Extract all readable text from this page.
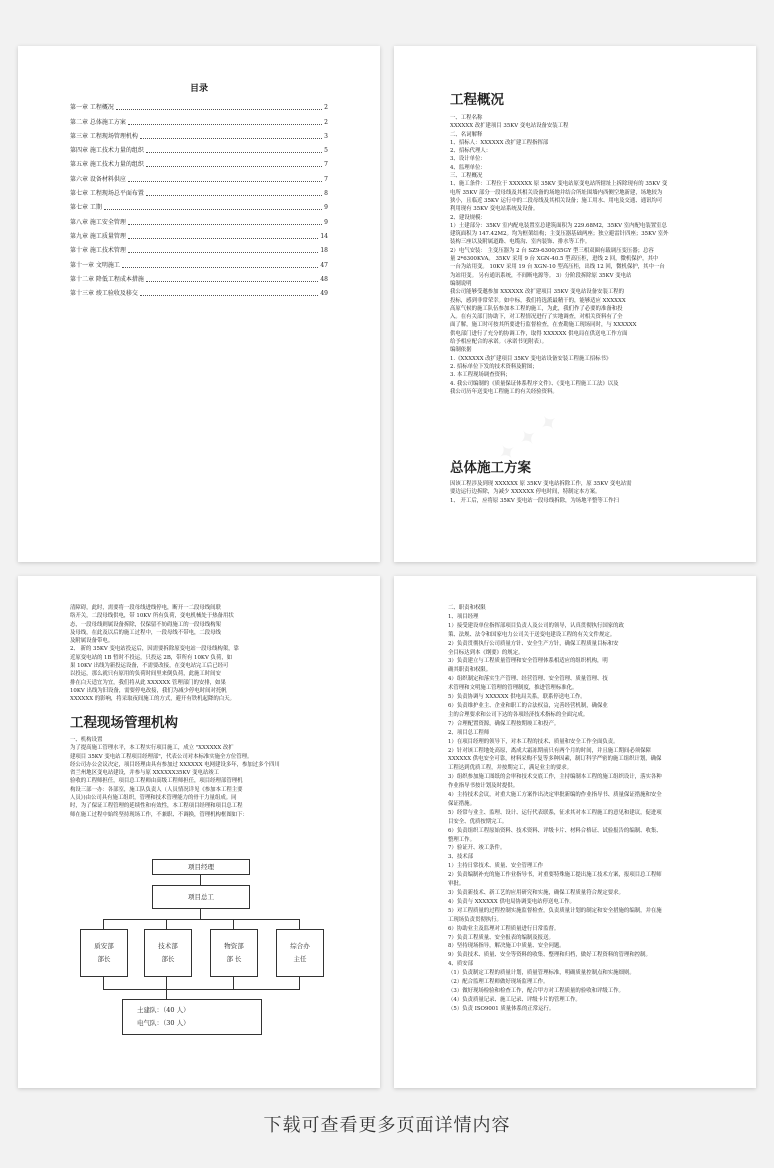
目录
第一章 工程概况	2
第二章 总体施工方案	2
第三章 工程现场管理机构	3
第四章 施工技术力量的组织	5
第五章 施工技术力量的组织	7
第六章 设备材料供应	7
第七章 工程现场总平面布置	8
第七章 工期	9
第八章 施工安全管理	9
第九章 施工质量管理	14
第十章 施工技术管理	18
第十一章 文明施工	47
第十二章 降低工程成本措施	48
第十三章 竣工验收及移交	49
工程概况

一、工程名称

XXXXXX 改扩建项目 35KV 变电站设备安装工程

二、名词解释

1、招标人：XXXXXX 改扩建工程指挥部

2、招标代理人：

3、设计单位：

4、监理单位：

三、工程概况

1、施工条件：工程位于 XXXXXX 原 35KV 变电站原变电站所辖址上拆除现有的 35KV 变

电所 35KV 部分一段母线及其相关设备的场地并结合所址围墙内西侧空地新建，场地较为

狭小，且临近 35KV 运行中的二段母线及其相关设备；施工用水、用电及交通、通讯均可

利用现有 35KV 变电站系统及设备。

2、建设规模：

1）土建部分：35KV 室内配电装置室总建筑面积为 229.68M2，35KV 室内配电装置室总

建筑面积为 147.42M2。均为框架结构；主变压器基础两座；独立避雷针四座；35KV 室外

装构三座以及附属道路、电缆沟、室内装饰、排水等工作。

2）电气安装： 主变压器为 2 台 SZ9-6300/35GY 型三相双圈有载调压变压器；总容

量 2*6300KVA。 35KV 采用 9 台 XGN-40.5 型高压柜，进线 2 回，微机保护，其中

一台为站用变。 10KV 采用 19 台 XGN-10 型高压柜，出线 12 回，微机保护，其中一台

为站用变。 另有通讯系统，不间断电源等。 3）分阶段拆除原 35KV 变电站

编制说明

我公司能够受邀参加 XXXXXX 改扩建项目 35KV 变电站设备安装工程的

投标，感到非常荣幸。如中标，我们将选派最精干的，能够适应 XXXXXX

高原气候的施工队伍参加本工程的施工，为此，我们作了必要的准备和投

入。在有关部门协助下，对工程情况进行了实地调查，对相关资料有了全

面了解，施工时可按其所要进行监督检查，在查勘施工现场同时，与 XXXXXX

供电部门进行了充分的协调工作，取得 XXXXXX 供电局在供送电工作方面

给予相应配合的承诺。（承诺书见附表）。

编制依据

1.《XXXXXX 改扩建项目 35KV 变电站设备安装工程施工招标书》

2. 招标单位下发的技术资料及附图；

3. 本工程现场调查资料；

4. 我公司编制的《质量保证体系程序文件》、《变电工程施工工法》以及

我公司历年送变电工程施工的有关经验资料。

总体施工方案

因该工程涉及到现 XXXXXX 原 35KV 变电站拆除工作，原 35KV 变电站需

要边运行边拆除，为减少 XXXXXX 停电时间，特制定本方案。

1、 开工后，应将原 35KV 变电站一段母线拆除，为场地平整等工作扫

✦ ✦ ✦

清障碍，此时，需要将一段母线进线停电，断开一二段母线间联

络开关，二段母线供电，带 10KV 所有负荷，变电机械处于热备用状

态，一段母线则属设备拆除，仅保留不妨碍施工的一段母线构架

及母线，在此及以后的施工过程中，一段母线不带电，二段母线

及附属设备带电。

2、 新的 35KV 变电站投运后，因需要拆除原变电站一段母线构架，靠

近原变电站的 1B 暂时不投运，只投运 2B，带所有 10KV 负荷，如

果 10KV 出线为新投运设备，不需要改接，在变电站完工后已经可

以投运，那么就只有原用的负荷时间里来倒负荷，此施工时间安

排在白天适宜为宜，我们将从此 XXXXXX 管理部门的安排，如果

10KV 出线为旧设备，需要停电改接，我们为减少停电时间对托帆

XXXXXX 的影响，将采取夜间施工的方式，避开有铁机起降的白天。

工程现场管理机构

一、机构设置

为了提高施工管理水平，本工程实行项目施工，成立 "XXXXXX 改扩

建项目 35KV 变电站工程项目经理部"，代表公司对本标准实施全方位管理。

经公司办公会议决定，项目经理由具有参加过 XXXXXX 电网建设多年，参加过多个四川

省兰州地区变电站建设，并参与原 XXXXXX35KV 变电站竣工

验收的工程师担任，项目总工程师由高级工程师担任，项目经理部管理机

构设三部一办：各部室，施工队负责人（人员情况详见《参加本工程主要

人员》)由公司具有施工组织，管理和技术管理能力的骨干力量组成。同

时，为了保证工程管理的延续性和有效性，本工程项目经理和项目总工程

师在施工过程中始终坚持现场工作，不兼职、不调换，管理机构框图如下：

项目经理
项目总工
质安部
部长
技术部
部长
物资部
部 长
综合办
主任
土建队：（40 人）
电气队：（30 人）

二、职责和权限

1、项目经理

1）接受建设单位指挥部项目负责人及公司的领导，认真贯彻执行国家的政

策、法规、法令和国家电力公司关于送变电建设工程的有关文件规定。

2）负责贯彻执行公司质量方针、安全生产方针，确保工程质量目标和安

全目标达到本《纲要》的规定。

3）负责建立与工程质量管理和安全管理体系相适应的组织机构，明

确其职责和权限。

4）组织制定和落实生产管理、经营管理、安全管理、质量管理、技

术管理和文明施工管理的管理制度，推进管理标准化。

5）负责协调与 XXXXXX 供电局关系，联系停送电工作。

6）负责维护业主、企业和职工的合法权益，完善经营机制，确保业

主的合理要求和公司下达的各项经济技术指标的全面完成。

7）合理配置资源，确保工程按期竣工和投产。

2、项目总工程师

1）在项目经理的领导下，对本工程的技术、质量和安全工作全面负责。

2）针对该工程地处高原，离成大霜冻期前只有两个月的时间，并且施工期间必须保障

XXXXXX 供电安全可靠，材料采购不复等多种因素，制订科学严密的施工组织计划，确保

工程达到优质工程，并按期完工，满足业主的要求。

3）组织参加施工图纸的会审和技术交底工作，主持编制本工程的施工组织设计，落实各种

作业指导书按计划及时提供。

4）主持技术会议，对重大施工方案作出决定审批新编的作业指导书、质量保证措施和安全

保证措施。

5）经常与业主、监理、设计、运行代表联系，征求其对本工程施工的意见和建议，促进项

目安全、优质按期完工。

6）负责组织工程原始资料、技术资料、评级卡片、材料合格证、试验报告的编制、收集、

整理工作。

7）验证开、竣工条件。

3、技术部

1）主持日常技术、质量、安全管理工作

2）负责编制补充的施工作业指导书，对重要特殊施工提出施工技术方案，报项目总工程师

审批。

3）负责新技术、新工艺的应用研究和实施，确保工程质量符合规定要求。

4）负责与 XXXXXX 供电局协调变电站停送电工作。

5）对工程质量的过程控制实施监督检查，负责质量计划的制定和安全措施的编制，并在施

工现场负责贯彻执行。

6）协助业主及监理对工程质量进行日常监督。

7）负责工程质量、安全报表的编制及报送。

8）坚持现场指导，解决施工中质量、安全问题。

9）负责技术、质量、安全等资料的收集、整理和归档，做好工程资料的管理和控制。

4、质安部

（1）负责制定工程的质量计划，质量管理标准，明确质量控制点和实施细则。

（2）配合监理工程师做好现场监理工作。

（3）做好现场检验和检查工作，配合甲方对工程质量的验收和评级工作。

（4）负责质量记录、施工记录、评级卡片的管理工作。

（5）负责 ISO9001 质量体系的正常运行。

下载可查看更多页面详情内容
